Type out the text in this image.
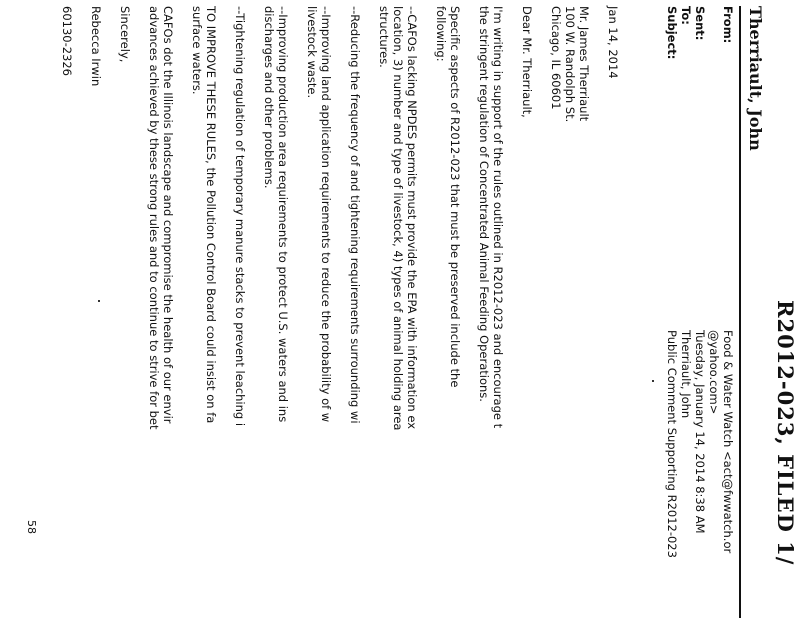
R2012-023, FILED 1/
Therriault, John
From:
Sent:
To:
Subject:
Food & Water Watch <act@fwwatch.or
@yahoo.com>
Tuesday, January 14, 2014 8:38 AM
Therriault, John
Public Comment Supporting R2012-023
Jan 14, 2014
Mr. James Therriault
100 W. Randolph St.
Chicago, IL 60601
Dear Mr. Therriault,
I'm writing in support of the rules outlined in R2012-023 and encourage t
the stringent regulation of Concentrated Animal Feeding Operations.
Specific aspects of R2012-023 that must be preserved include the
following:
--CAFOs lacking NPDES permits must provide the EPA with information ex
location, 3) number and type of livestock, 4) types of animal holding area
structures.
--Reducing the frequency of and tightening requirements surrounding wi
--Improving land application requirements to reduce the probability of w
livestock waste.
--Improving production area requirements to protect U.S. waters and ins
discharges and other problems.
--Tightening regulation of temporary manure stacks to prevent leaching i
TO IMPROVE THESE RULES, the Pollution Control Board could insist on fa
surface waters.
CAFOs dot the Illinois landscape and compromise the health of our envir
advances achieved by these strong rules and to continue to strive for bet
Sincerely,
Rebecca Irwin
60130-2326
58
